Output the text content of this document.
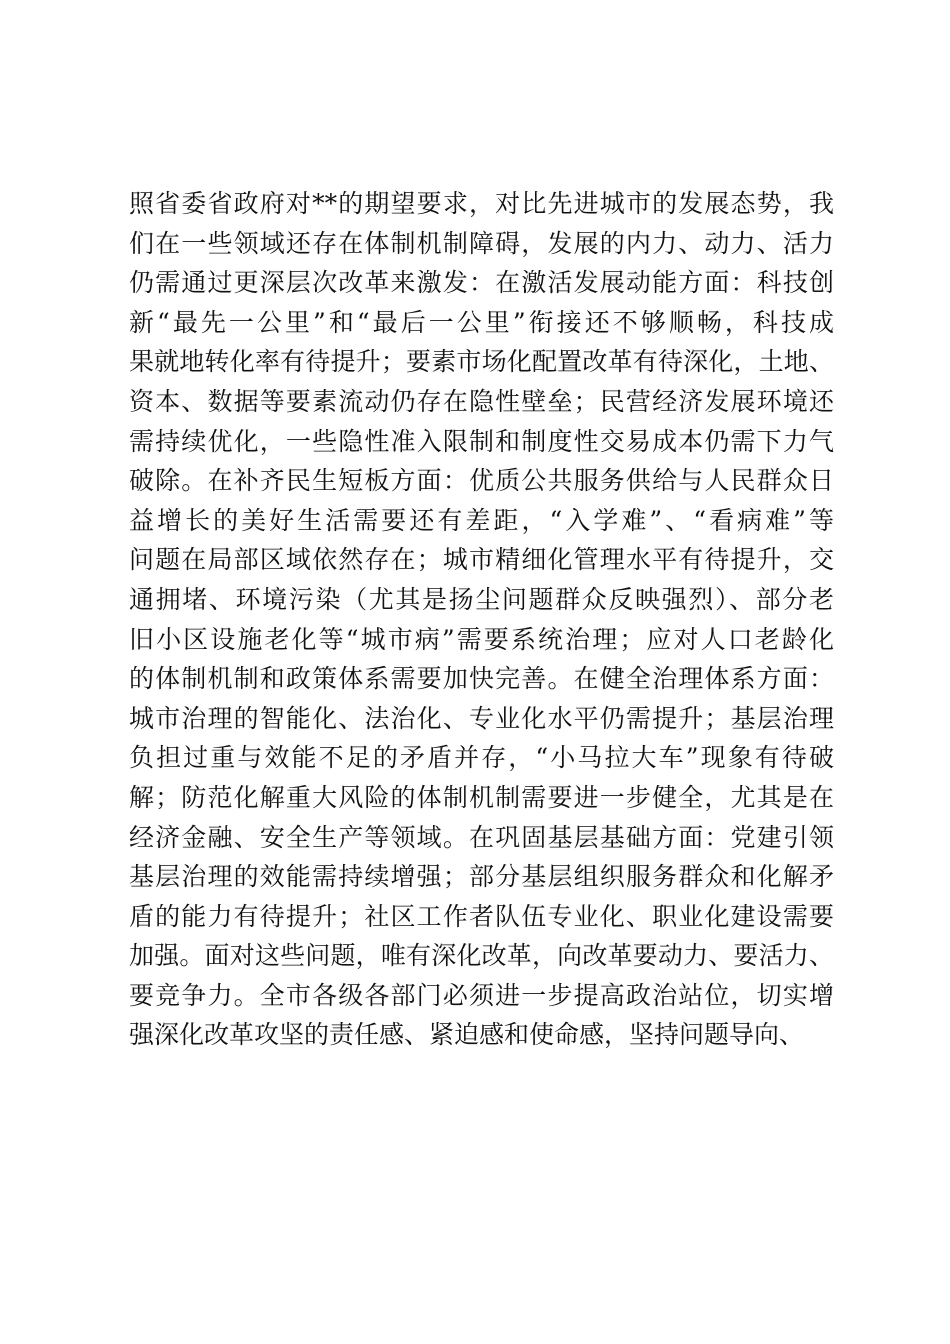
照省委省政府对**的期望要求，对比先进城市的发展态势，我
们在一些领域还存在体制机制障碍，发展的内力、动力、活力
仍需通过更深层次改革来激发：在激活发展动能方面：科技创
新“最先一公里”和“最后一公里”衔接还不够顺畅，科技成
果就地转化率有待提升；要素市场化配置改革有待深化，土地、
资本、数据等要素流动仍存在隐性壁垒；民营经济发展环境还
需持续优化，一些隐性准入限制和制度性交易成本仍需下力气
破除。在补齐民生短板方面：优质公共服务供给与人民群众日
益增长的美好生活需要还有差距，“入学难”、“看病难”等
问题在局部区域依然存在；城市精细化管理水平有待提升，交
通拥堵、环境污染（尤其是扬尘问题群众反映强烈）、部分老
旧小区设施老化等“城市病”需要系统治理；应对人口老龄化
的体制机制和政策体系需要加快完善。在健全治理体系方面：
城市治理的智能化、法治化、专业化水平仍需提升；基层治理
负担过重与效能不足的矛盾并存，“小马拉大车”现象有待破
解；防范化解重大风险的体制机制需要进一步健全，尤其是在
经济金融、安全生产等领域。在巩固基层基础方面：党建引领
基层治理的效能需持续增强；部分基层组织服务群众和化解矛
盾的能力有待提升；社区工作者队伍专业化、职业化建设需要
加强。面对这些问题，唯有深化改革，向改革要动力、要活力、
要竞争力。全市各级各部门必须进一步提高政治站位，切实增
强深化改革攻坚的责任感、紧迫感和使命感，坚持问题导向、
